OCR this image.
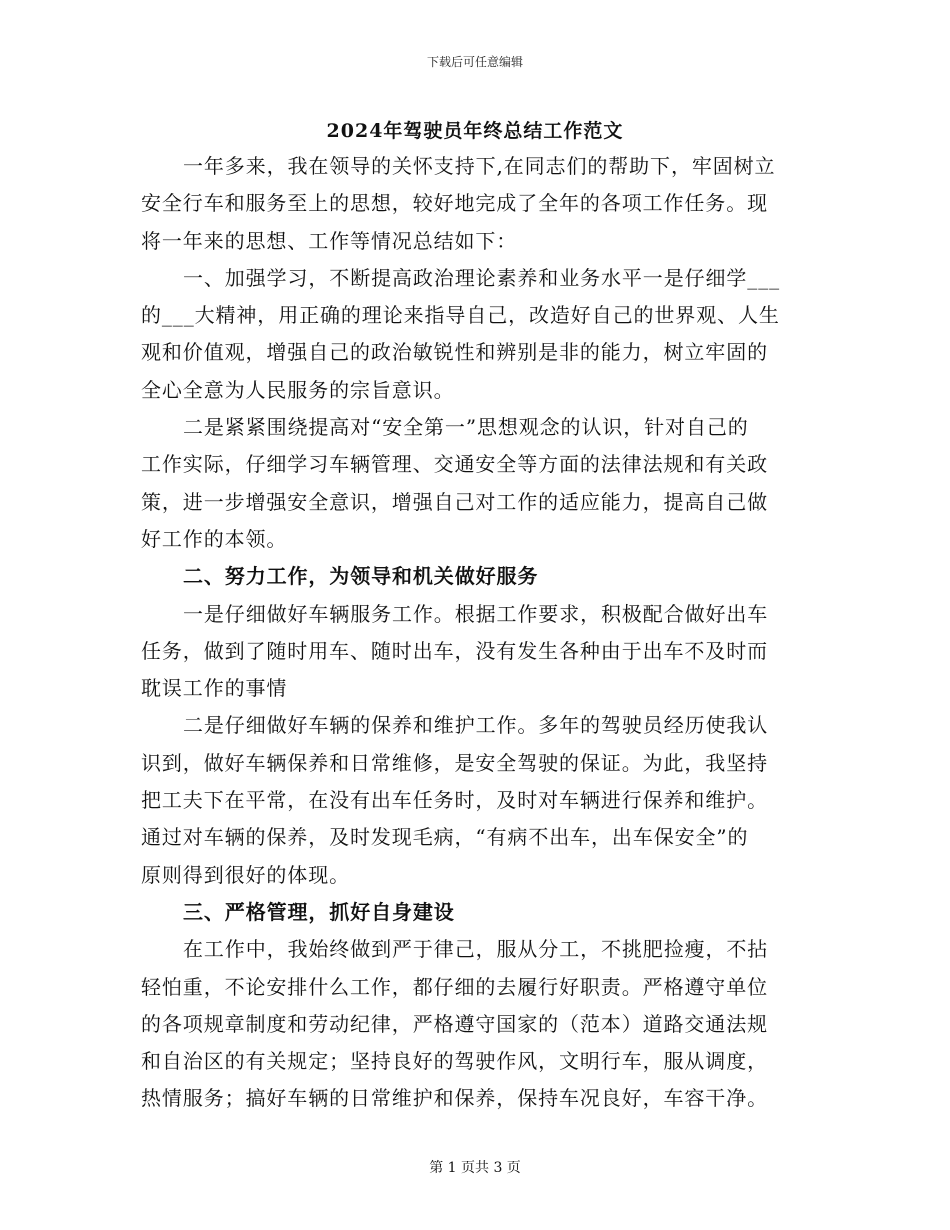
下载后可任意编辑
2024年驾驶员年终总结工作范文
一年多来，我在领导的关怀支持下,在同志们的帮助下，牢固树立
安全行车和服务至上的思想，较好地完成了全年的各项工作任务。现
将一年来的思想、工作等情况总结如下：
一、加强学习，不断提高政治理论素养和业务水平一是仔细学___
的___大精神，用正确的理论来指导自己，改造好自己的世界观、人生
观和价值观，增强自己的政治敏锐性和辨别是非的能力，树立牢固的
全心全意为人民服务的宗旨意识。
二是紧紧围绕提高对“安全第一”思想观念的认识，针对自己的
工作实际，仔细学习车辆管理、交通安全等方面的法律法规和有关政
策，进一步增强安全意识，增强自己对工作的适应能力，提高自己做
好工作的本领。
二、努力工作，为领导和机关做好服务
一是仔细做好车辆服务工作。根据工作要求，积极配合做好出车
任务，做到了随时用车、随时出车，没有发生各种由于出车不及时而
耽误工作的事情
二是仔细做好车辆的保养和维护工作。多年的驾驶员经历使我认
识到，做好车辆保养和日常维修，是安全驾驶的保证。为此，我坚持
把工夫下在平常，在没有出车任务时，及时对车辆进行保养和维护。
通过对车辆的保养，及时发现毛病，“有病不出车，出车保安全”的
原则得到很好的体现。
三、严格管理，抓好自身建设
在工作中，我始终做到严于律己，服从分工，不挑肥捡瘦，不拈
轻怕重，不论安排什么工作，都仔细的去履行好职责。严格遵守单位
的各项规章制度和劳动纪律，严格遵守国家的（范本）道路交通法规
和自治区的有关规定；坚持良好的驾驶作风，文明行车，服从调度，
热情服务；搞好车辆的日常维护和保养，保持车况良好，车容干净。
第 1 页共 3 页
